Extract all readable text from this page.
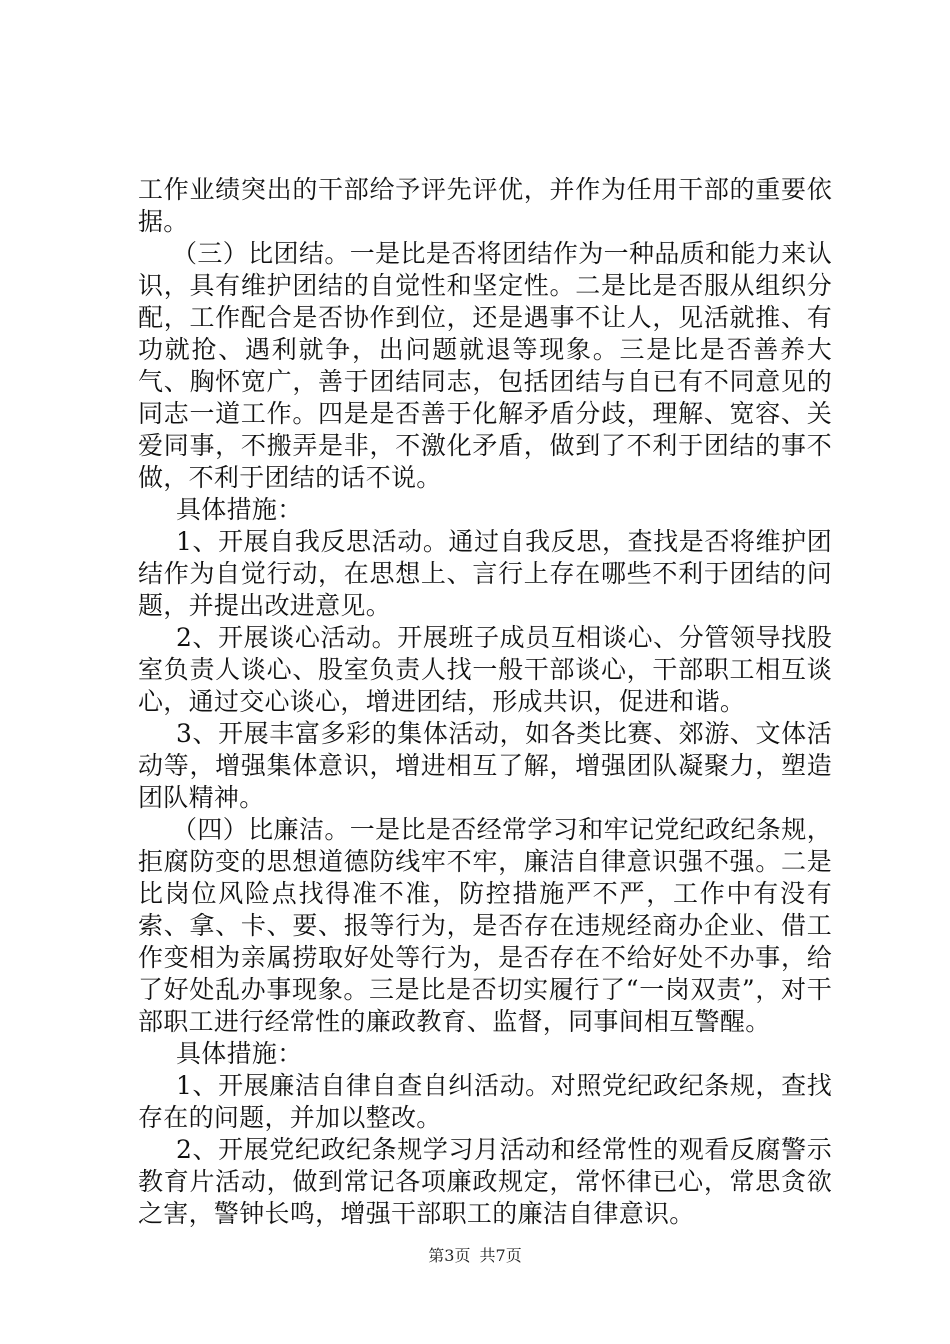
工作业绩突出的干部给予评先评优，并作为任用干部的重要依据。

（三）比团结。一是比是否将团结作为一种品质和能力来认识，具有维护团结的自觉性和坚定性。二是比是否服从组织分配，工作配合是否协作到位，还是遇事不让人，见活就推、有功就抢、遇利就争，出问题就退等现象。三是比是否善养大气、胸怀宽广，善于团结同志，包括团结与自已有不同意见的同志一道工作。四是是否善于化解矛盾分歧，理解、宽容、关爱同事，不搬弄是非，不激化矛盾，做到了不利于团结的事不做，不利于团结的话不说。

具体措施：

1、开展自我反思活动。通过自我反思，查找是否将维护团结作为自觉行动，在思想上、言行上存在哪些不利于团结的问题，并提出改进意见。

2、开展谈心活动。开展班子成员互相谈心、分管领导找股室负责人谈心、股室负责人找一般干部谈心，干部职工相互谈心，通过交心谈心，增进团结，形成共识，促进和谐。

3、开展丰富多彩的集体活动，如各类比赛、郊游、文体活动等，增强集体意识，增进相互了解，增强团队凝聚力，塑造团队精神。

（四）比廉洁。一是比是否经常学习和牢记党纪政纪条规，拒腐防变的思想道德防线牢不牢，廉洁自律意识强不强。二是比岗位风险点找得准不准，防控措施严不严，工作中有没有索、拿、卡、要、报等行为，是否存在违规经商办企业、借工作变相为亲属捞取好处等行为，是否存在不给好处不办事，给了好处乱办事现象。三是比是否切实履行了“一岗双责”，对干部职工进行经常性的廉政教育、监督，同事间相互警醒。

具体措施：

1、开展廉洁自律自查自纠活动。对照党纪政纪条规，查找存在的问题，并加以整改。

2、开展党纪政纪条规学习月活动和经常性的观看反腐警示教育片活动，做到常记各项廉政规定，常怀律已心，常思贪欲之害，警钟长鸣，增强干部职工的廉洁自律意识。

第3页 共7页
